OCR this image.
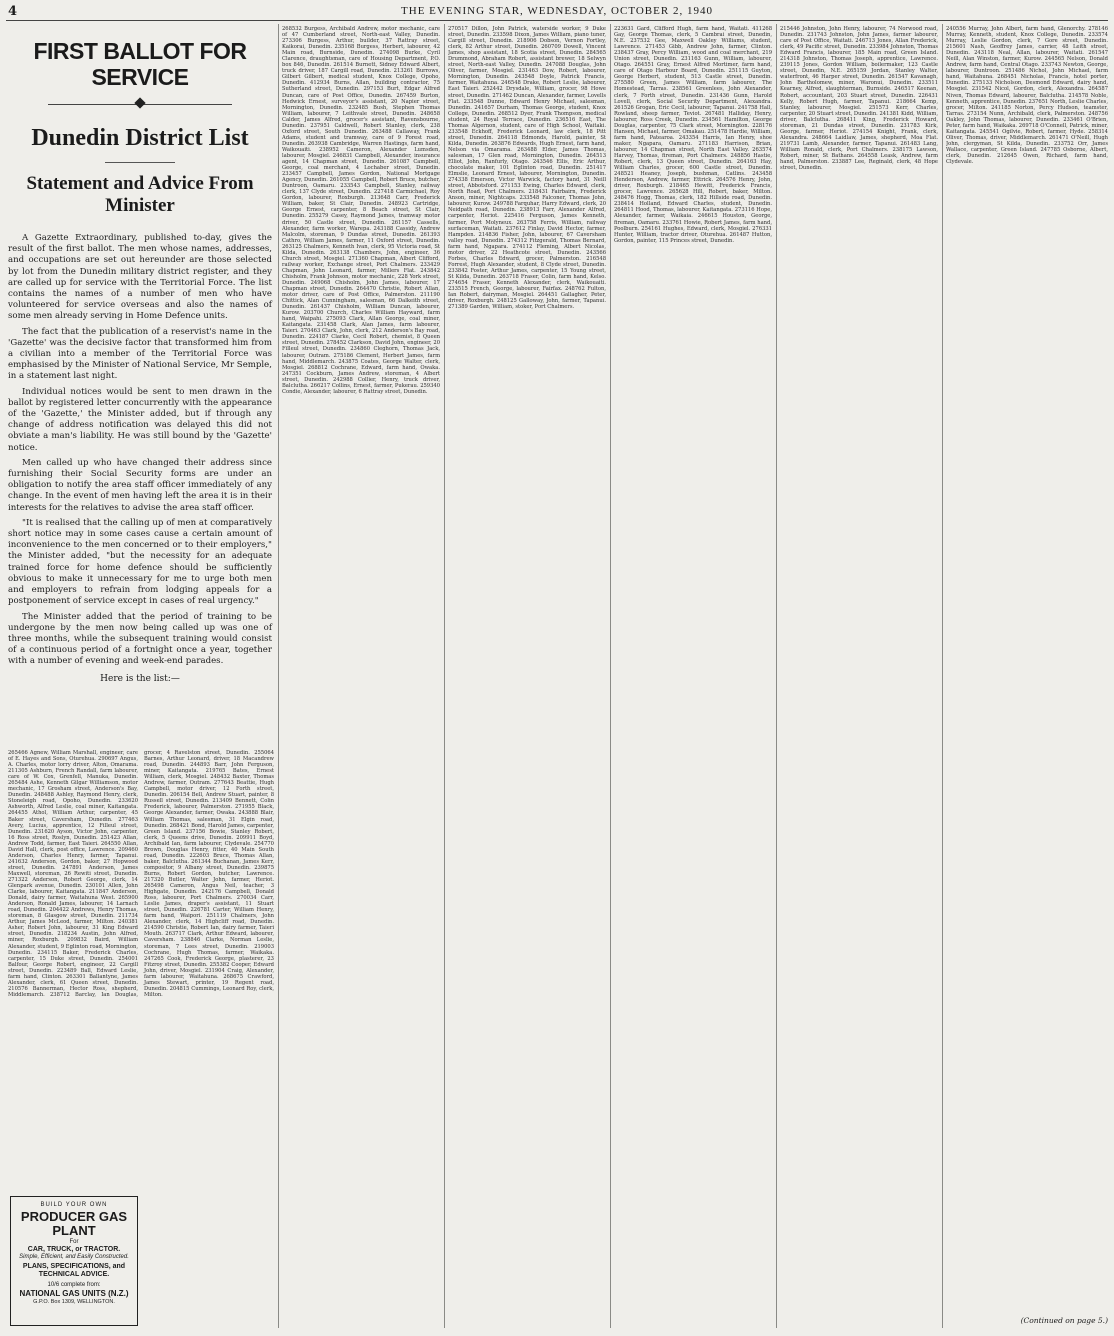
4	THE EVENING STAR, WEDNESDAY, OCTOBER 2, 1940
FIRST BALLOT FOR SERVICE
Dunedin District List
Statement and Advice From Minister

A Gazette Extraordinary, published to-day, gives the result of the first ballot. The men whose names, addresses, and occupations are set out hereunder are those selected by lot from the Dunedin military district register, and they are called up for service with the Territorial Force. The list contains the names of a number of men who have volunteered for service overseas and also the names of some men already serving in Home Defence units.

The fact that the publication of a reservist's name in the 'Gazette' was the decisive factor that transformed him from a civilian into a member of the Territorial Force was emphasised by the Minister of National Service, Mr Semple, in a statement last night.

Individual notices would be sent to men drawn in the ballot by registered letter concurrently with the appearance of the 'Gazette,' the Minister added, but if through any change of address notification was delayed this did not obviate a man's liability. He was still bound by the 'Gazette' notice.

Men called up who have changed their address since furnishing their Social Security forms are under an obligation to notify the area staff officer immediately of any change. In the event of men having left the area it is in their interests for the relatives to advise the area staff officer.

"It is realised that the calling up of men at comparatively short notice may in some cases cause a certain amount of inconvenience to the men concerned or to their employers," the Minister added, "but the necessity for an adequate trained force for home defence should be sufficiently obvious to make it unnecessary for me to urge both men and employers to refrain from lodging appeals for a postponement of service except in cases of real urgency."

The Minister added that the period of training to be undergone by the men now being called up was one of three months, while the subsequent training would consist of a continuous period of a fortnight once a year, together with a number of evening and week-end parades.

Here is the list:—
265466 Agnew, William Marshall, engineer, care of E. Hayes and Sons, Oturehua. 290697 Angus, A. Charles, motor lorry driver, Alton, Omarama. 211305 Ashburn, French Randall, farm labourer, care of W. Cox, Grenfell, Manuka, Dunedin. 265484 Ashe, Kenneth Gilgar Williamson, motor mechanic, 17 Grosham street, Anderson's Bay, Dunedin. 248488 Ashley, Raymond Henry, clerk, Stoneleigh road, Opoho, Dunedin. 233620 Ashworth, Alfred Leslie, coal miner, Kaitangata. 264455 Athol, William Arthur, carpenter, 45 Baker street, Caversham, Dunedin. 277463 Avery, Lucius, apprentice, 12 Filleul street, Dunedin. 231620 Ayson, Victor John, carpenter, 16 Ross street, Roslyn, Dunedin. 251423 Allan, Andrew Todd, farmer, East Taieri. 264550 Allan, David Hall, clerk, post office, Lawrence. 209460 Anderson, Charles Henry, farmer, Tapanui. 241632 Anderson, Gordon, baker, 27 Hopwood street, Dunedin. 247891 Anderson, James Maxwell, storeman, 26 Rewiti street, Dunedin. 271322 Anderson, Robert George, clerk, 14 Glenpark avenue, Dunedin. 230101 Allen, John Clarke, labourer, Kaitangata. 211847 Anderson, Donald, dairy farmer, Waitahuna West. 265900 Anderson, Ronald James, labourer, 14 Larnach road, Dunedin. 204422 Andrews, Henry Thomas, storeman, 8 Glasgow street, Dunedin. 211734 Arthur, James McLeod, farmer, Milton. 240381 Asher, Robert John, labourer, 31 King Edward street, Dunedin. 218234 Austin, John Alfred, miner, Roxburgh. 209832 Baird, William Alexander, student, 9 Eglinton road, Mornington, Dunedin. 234115 Baker, Frederick Charles, carpenter, 15 Duke street, Dunedin. 254001 Balfour, George Robert, engineer, 22 Cargill street, Dunedin. 223489 Ball, Edward Leslie, farm hand, Clinton. 263301 Ballantyne, James Alexander, clerk, 61 Queen street, Dunedin. 210576 Bannerman, Hector Ross, shepherd, Middlemarch. 238712 Barclay, Ian Douglas, grocer, 4 Ravelston street, Dunedin. 255064 Barnes, Arthur Leonard, driver, 18 Macandrew road, Dunedin. 244893 Barr, John Ferguson, miner, Kaitangata. 219765 Bates, Ernest William, clerk, Mosgiel. 248432 Baxter, Thomas Andrew, farmer, Outram. 277643 Beattie, Hugh Campbell, motor driver, 12 Forth street, Dunedin. 206154 Bell, Andrew Stuart, painter, 8 Russell street, Dunedin. 213409 Bennett, Colin Frederick, labourer, Palmerston. 271955 Black, George Alexander, farmer, Owaka. 243888 Blair, William Thomas, salesman, 31 Elgin road, Dunedin. 268421 Bond, Harold James, carpenter, Green Island. 237156 Bowie, Stanley Robert, clerk, 5 Queens drive, Dunedin. 209911 Boyd, Archibald Ian, farm labourer, Clydevale. 254770 Brown, Douglas Henry, fitter, 40 Main South road, Dunedin. 222603 Bruce, Thomas Allan, baker, Balclutha. 261344 Buchanan, James Kerr, compositor, 9 Albany street, Dunedin. 239875 Burns, Robert Gordon, butcher, Lawrence. 217320 Butler, Walter John, farmer, Heriot. 265498 Cameron, Angus Neil, teacher, 3 Highgate, Dunedin. 242176 Campbell, Donald Ross, labourer, Port Chalmers. 270034 Carr, Leslie James, draper's assistant, 11 Stuart street, Dunedin. 226781 Carter, William Henry, farm hand, Waipori. 251119 Chalmers, John Alexander, clerk, 14 Highcliff road, Dunedin. 214590 Christie, Robert Ian, dairy farmer, Taieri Mouth. 263717 Clark, Arthur Edward, labourer, Caversham. 238846 Clarke, Norman Leslie, storeman, 7 Lees street, Dunedin. 219003 Cochrane, Hugh Thomas, farmer, Waikaka. 247265 Cook, Frederick George, plasterer, 23 Fitzroy street, Dunedin. 255382 Cooper, Edward John, driver, Mosgiel. 231904 Craig, Alexander, farm labourer, Waitahuna. 268675 Crawford, James Stewart, printer, 19 Regent road, Dunedin. 204815 Cummings, Leonard Roy, clerk, Milton.
268532 Burgess, Archibald Andrew, motor mechanic, care of 47 Cumberland street, North-east Valley, Dunedin. 273306 Burgess, Arthur, builder, 37 Rattray street, Kaikorai, Dunedin. 235168 Burgess, Herbert, labourer, 42 Main road, Burnside, Dunedin. 274098 Burke, Cyril Clarence, draughtsman, care of Housing Department, P.O. box 846, Dunedin. 261514 Burnett, Sidney Edward Albert, truck driver, 187 Cargill road, Dunedin. 213261 Burrows, Gilbert Gilbert, medical student, Knox College, Opoho, Dunedin. 412934 Burns, Allan, building contractor, 75 Sutherland street, Dunedin. 297153 Burt, Edgar Alfred Duncan, care of Post Office, Dunedin. 267459 Burton, Hedwick Ernest, surveyor's assistant, 20 Napier street, Mornington, Dunedin. 232485 Bush, Stephen Thomas William, labourer, 7 Leithvale street, Dunedin. 248658 Calder, James Alfred, grocer's assistant, Ravensbourne, Dunedin. 237951 Caldwell, Robert Stanley, clerk, 238 Oxford street, South Dunedin. 263488 Callaway, Frank Adams, student and tramway, care of 9 Forest road, Dunedin. 263938 Cambridge, Warren Hastings, farm hand, Waikouaiti. 238952 Cameron, Alexander Lumsden, labourer, Mosgiel. 246831 Campbell, Alexander, insurance agent, 14 Chapman street, Dunedin. 261087 Campbell, George, coal merchant, 4 Lochaber street, Dunedin. 233457 Campbell, James Gordon, National Mortgage Agency, Dunedin. 261055 Campbell, Robert Bruce, butcher, Duntroon, Oamaru. 233543 Campbell, Stanley, railway clerk, 137 Clyde street, Dunedin. 227418 Carmichael, Roy Gordon, labourer, Roxburgh. 213648 Carr, Frederick William, baker, St Clair, Dunedin. 248923 Cartridge, George Ernest, carpenter, 8 Beach street, St Clair, Dunedin. 255279 Casey, Raymond James, tramway motor driver, 50 Castle street, Dunedin. 261157 Cassells, Alexander, farm worker, Warepa. 243188 Cassidy, Andrew Malcolm, storeman, 9 Dundas street, Dunedin. 261393 Cathro, William James, farmer, 11 Oxford street, Dunedin. 263125 Chalmers, Kenneth Ivan, clerk, 95 Victoria road, St Kilda, Dunedin. 263138 Chambers, John, engineer, 36 Church street, Mosgiel. 271360 Chapman, Albert Clifford, railway worker, Exchange street, Port Chalmers. 233429 Chapman, John Leonard, farmer, Millers Flat. 243842 Chisholm, Frank Johnson, motor mechanic, 228 York street, Dunedin. 249068 Chisholm, John James, labourer, 17 Chapman street, Dunedin. 264470 Christie, Robert Allan, motor driver, care of Post Office, Palmerston. 211190 Chittick, Alan Cunningham, salesman, 66 Dalkeith street, Dunedin. 261437 Chisholm, William Duncan, labourer, Kurow. 203700 Church, Charles William Hayward, farm hand, Waipahi. 275093 Clark, Allan George, coal miner, Kaitangata. 231458 Clark, Alan James, farm labourer, Taieri. 270463 Clark, John, clerk, 212 Anderson's Bay road, Dunedin. 224187 Clarke, Cecil Robert, chemist, 8 Queen street, Dunedin. 278452 Clarkson, David John, engineer, 20 Filleul street, Dunedin. 234860 Cleghorn, Thomas Jack, labourer, Outram. 275186 Clement, Herbert James, farm hand, Middlemarch. 243875 Coates, George Walter, clerk, Mosgiel. 268812 Cochrane, Edward, farm hand, Owaka. 247351 Cockburn, James Andrew, storeman, 4 Albert street, Dunedin. 242988 Collier, Henry, truck driver, Balclutha. 266217 Collins, Ernest, farmer, Pukerau. 259340 Condie, Alexander, labourer, 6 Rattray street, Dunedin.
270517 Dillon, John Patrick, waterside worker, 9 Duke street, Dunedin. 233598 Dixon, James William, piano tuner, Cargill street, Dunedin. 218906 Dobson, Vernon Fortley, clerk, 82 Arthur street, Dunedin. 260709 Dowell, Vincent James, shop assistant, 18 Scotia street, Dunedin. 284565 Drummond, Abraham Robert, assistant brewer, 18 Selwyn street, North-east Valley, Dunedin. 247088 Douglas, John Oliver, farmer, Mosgiel. 231463 Dow, Robert, labourer, Mornington, Dunedin. 243548 Doyle, Patrick Francis, farmer, Waitahuna. 246548 Drake, Robert Leslie, labourer, East Taieri. 252442 Drysdale, William, grocer, 98 Howe street, Dunedin. 271462 Duncan, Alexander, farmer, Lovells Flat. 233548 Dunne, Edward Henry Michael, salesman, Dunedin. 241657 Durham, Thomas George, student, Knox College, Dunedin. 268512 Dyer, Frank Thompson, medical student, 24 Royal Terrace, Dunedin. 236516 East, The Thomas Algernon, student, care of High School, Waitaki. 233548 Eckhoff, Frederick Leonard, law clerk, 18 Pitt street, Dunedin. 264118 Edmonds, Harold, painter, St Kilda, Dunedin. 263876 Edwards, Hugh Ernest, farm hand, Nelson via Omarama. 263488 Elder, James Thomas, salesman, 17 Glen road, Mornington, Dunedin. 264513 Elliot, John, Ranfurly, Otago. 243546 Ellis, Eric Arthur, chocolate maker, 101 Eglinton road, Dunedin. 251417 Elmslie, Leonard Ernest, labourer, Mornington, Dunedin. 274338 Emerson, Victor Warwick, factory hand, 31 Neill street, Abbotsford. 271153 Ewing, Charles Edward, clerk, North Road, Port Chalmers. 218431 Fairbairn, Frederick Anson, miner, Nightcaps. 233548 Falconer, Thomas John, labourer, Kurow. 249788 Farquhar, Harry Edward, clerk, 20 Neidpath road, Dunedin. 238913 Farr, Alexander Alfred, carpenter, Heriot. 225416 Ferguson, James Kenneth, farmer, Port Molyneux. 263758 Ferris, William, railway surfaceman, Waitati. 237612 Finlay, David Hector, farmer, Hampden. 214836 Fisher, John, labourer, 67 Caversham valley road, Dunedin. 274312 Fitzgerald, Thomas Bernard, farm hand, Ngapara. 274112 Fleming, Albert Nicolas, motor driver, 22 Heathcote street, Dunedin. 243566 Forbes, Charles Edward, grocer, Palmerston. 216548 Forrest, Hugh Alexander, student, 8 Clyde street, Dunedin. 233842 Foster, Arthur James, carpenter, 15 Young street, St Kilda, Dunedin. 263718 Fraser, Colin, farm hand, Kelso. 274654 Fraser, Kenneth Alexander, clerk, Waikouaiti. 233515 French, George, labourer, Fairfax. 248762 Fulton, Ian Robert, dairyman, Mosgiel. 264451 Gallagher, Peter, driver, Roxburgh. 248125 Galloway, John, farmer, Tapanui. 271389 Garden, William, stoker, Port Chalmers.
223631 Gard, Clifford Hugh, farm hand, Waitati. 411268 Gay, George Thomas, clerk, 5 Cambrai street, Dunedin, N.E. 237532 Gee, Maxwell Oakley Williams, student, Lawrence. 271453 Gibb, Andrew John, farmer, Clinton. 238437 Gray, Percy William, wood and coal merchant, 219 Union street, Dunedin. 231163 Gunn, William, labourer, Otago. 264551 Gray, Ernest Alfred Mortimer, farm hand, care of Otago Harbour Board, Dunedin. 251115 Guyton, George Herbert, student, 513 Castle street, Dunedin. 275580 Green, James William, farm labourer, The Homestead, Tarras. 238561 Greenlees, John Alexander, clerk, 7 Forth street, Dunedin. 231436 Gunn, Harold Lovell, clerk, Social Security Department, Alexandra. 261526 Grogan, Eric Cecil, labourer, Tapanui. 241758 Hall, Rowland, sheep farmer, Teviot. 267481 Halliday, Henry, labourer, Ross Creek, Dunedin. 234561 Hamilton, George Douglas, carpenter, 75 Clark street, Mornington. 228176 Hansen, Michael, farmer, Omakau. 251478 Hardie, William, farm hand, Patearoa. 243354 Harris, Ian Henry, shoe maker, Ngapara, Oamaru. 271183 Harrison, Brian, labourer, 14 Chapman street, North East Valley. 263574 Harvey, Thomas, fireman, Port Chalmers. 248856 Hastie, Robert, clerk, 13 Queen street, Dunedin. 264163 Hay, William Charles, grocer, 600 Castle street, Dunedin. 248521 Heaney, Joseph, bushman, Catlins. 243458 Henderson, Andrew, farmer, Ettrick. 264576 Henry, John, driver, Roxburgh. 218465 Hewitt, Frederick Francis, grocer, Lawrence. 265628 Hill, Robert, baker, Milton. 248476 Hogg, Thomas, clerk, 182 Hillside road, Dunedin. 238414 Holland, Edward Charles, student, Dunedin. 264811 Hood, Thomas, labourer, Kaitangata. 273116 Hope, Alexander, farmer, Waikaia. 246615 Houston, George, fireman, Oamaru. 233761 Howie, Robert James, farm hand, Poolburn. 254161 Hughes, Edward, clerk, Mosgiel. 276331 Hunter, William, tractor driver, Oturehua. 261487 Hutton, Gordon, painter, 115 Princes street, Dunedin.
215446 Johnston, John Henry, labourer, 74 Norwood road, Dunedin. 231743 Johnston, John James, farmer labourer, care of Post Office, Waitati. 246713 Jones, Allan Frederick, clerk, 49 Pacific street, Dunedin. 233984 Johnston, Thomas Edward Francis, labourer, 185 Main road, Green Island. 214318 Johnston, Thomas Joseph, apprentice, Lawrence. 239115 Jones, Gordon William, boilermaker, 123 Castle street, Dunedin, N.E. 265159 Jordan, Stanley Walter, waterfront, 46 Harper street, Dunedin. 261547 Kavanagh, John Bartholomew, miner, Waronui, Dunedin. 233511 Kearney, Alfred, slaughterman, Burnside. 246517 Keenan, Robert, accountant, 203 Stuart street, Dunedin. 226431 Kelly, Robert Hugh, farmer, Tapanui. 218664 Kemp, Stanley, labourer, Mosgiel. 251573 Kerr, Charles, carpenter, 20 Stuart street, Dunedin. 241381 Kidd, William, driver, Balclutha. 268411 King, Frederick Howard, storeman, 21 Dundas street, Dunedin. 231783 Kirk, George, farmer, Heriot. 274154 Knight, Frank, clerk, Alexandra. 248664 Laidlaw, James, shepherd, Moa Flat. 219731 Lamb, Alexander, farmer, Tapanui. 261483 Lang, William Ronald, clerk, Port Chalmers. 238175 Lawson, Robert, miner, St Bathans. 264558 Leask, Andrew, farm hand, Palmerston. 233887 Lee, Reginald, clerk, 48 Hope street, Dunedin.
240556 Murray, John Albert, farm hand, Glenorchy. 278146 Murray, Kenneth, student, Knox College, Dunedin. 233574 Murray, Leslie Gordon, clerk, 7 Gore street, Dunedin. 215601 Nash, Geoffrey James, carrier, 48 Leith street, Dunedin. 243118 Neal, Allan, labourer, Waitati. 261547 Neill, Alan Winston, farmer, Kurow. 244565 Nelson, Donald Andrew, farm hand, Central Otago. 233743 Newton, George, labourer, Duntroon. 251486 Nichol, John Michael, farm hand, Waitahuna. 268451 Nicholas, Francis, hotel porter, Dunedin. 275133 Nicholson, Desmond Edward, dairy hand, Mosgiel. 231542 Nicol, Gordon, clerk, Alexandra. 264587 Niven, Thomas Edward, labourer, Balclutha. 214578 Noble, Kenneth, apprentice, Dunedin. 237651 North, Leslie Charles, grocer, Milton. 241185 Norton, Percy Hudson, teamster, Tarras. 273154 Nunn, Archibald, clerk, Palmerston. 248756 Oakley, John Thomas, labourer, Dunedin. 233461 O'Brien, Peter, farm hand, Waikaka. 269718 O'Connell, Patrick, miner, Kaitangata. 245541 Ogilvie, Robert, farmer, Hyde. 258314 Oliver, Thomas, driver, Middlemarch. 261471 O'Neill, Hugh John, clergyman, St Kilda, Dunedin. 233752 Orr, James Wallace, carpenter, Green Island. 247785 Osborne, Albert, clerk, Dunedin. 212645 Owen, Richard, farm hand, Clydevale.
BUILD YOUR OWN
PRODUCER GAS PLANT
For
CAR, TRUCK, or TRACTOR.
Simple, Efficient, and Easily Constructed.
PLANS, SPECIFICATIONS, and TECHNICAL ADVICE.
10/6 complete from:
NATIONAL GAS UNITS (N.Z.)
G.P.O. Box 1309, WELLINGTON.
(Continued on page 5.)
